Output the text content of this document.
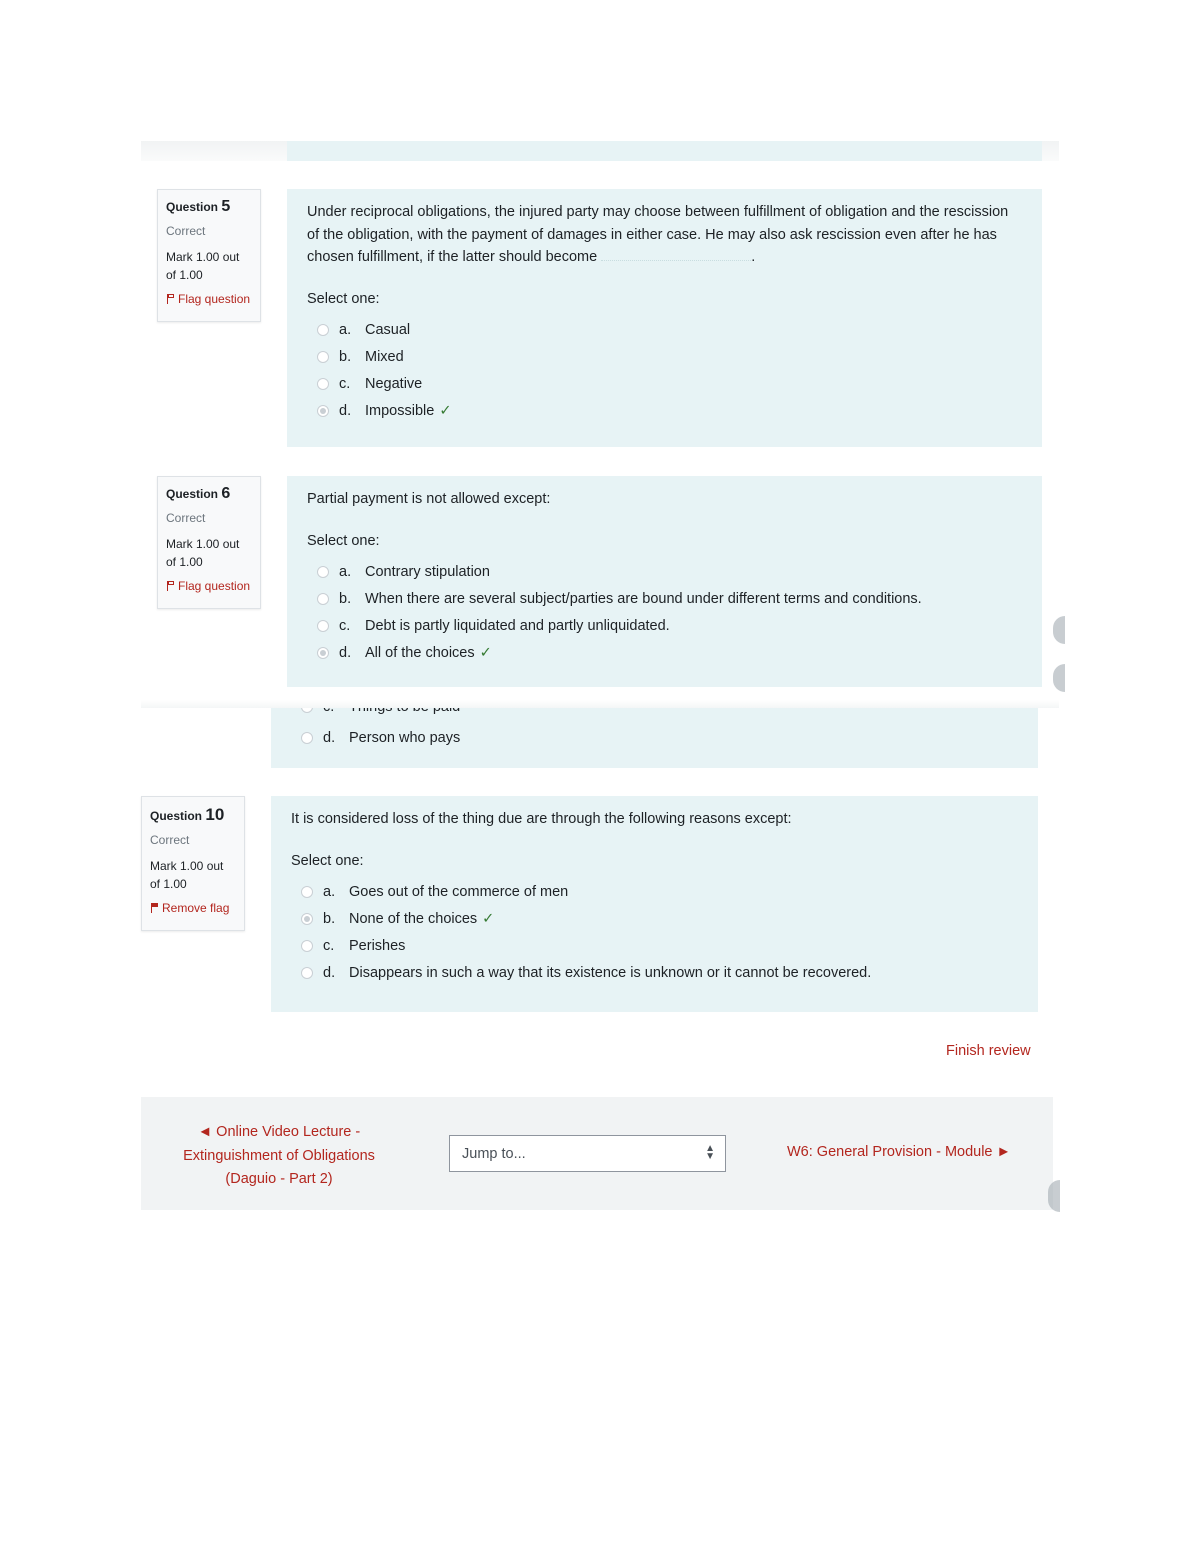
Question 5
Correct
Mark 1.00 out of 1.00
Flag question
Under reciprocal obligations, the injured party may choose between fulfillment of obligation and the rescission of the obligation, with the payment of damages in either case. He may also ask rescission even after he has chosen fulfillment, if the latter should become	.
Select one:
a. Casual
b. Mixed
c.	Negative
d. Impossible ✓
Question 6
Correct
Mark 1.00 out of 1.00
Flag question
Partial payment is not allowed except:
Select one:
a. Contrary stipulation
b. When there are several subject/parties are bound under different terms and conditions.
c.	Debt is partly liquidated and partly unliquidated.
d. All of the choices ✓
d. Person who pays
Question 10
Correct
Mark 1.00 out of 1.00
Remove flag
It is considered loss of the thing due are through the following reasons except:
Select one:
a. Goes out of the commerce of men
b. None of the choices ✓
c.	Perishes
d. Disappears in such a way that its existence is unknown or it cannot be recovered.
Finish review
◄ Online Video Lecture - Extinguishment of Obligations (Daguio - Part 2)
Jump to...	▲
▼	W6: General Provision - Module ►
